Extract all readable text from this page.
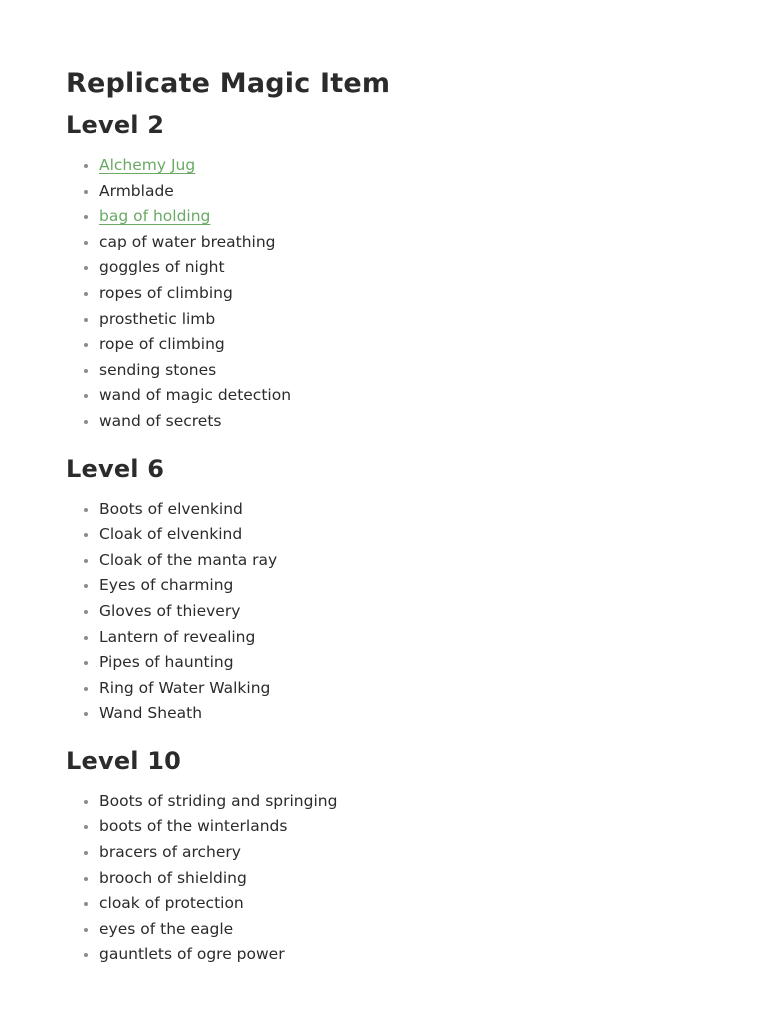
Replicate Magic Item
Level 2
Alchemy Jug
Armblade
bag of holding
cap of water breathing
goggles of night
ropes of climbing
prosthetic limb
rope of climbing
sending stones
wand of magic detection
wand of secrets
Level 6
Boots of elvenkind
Cloak of elvenkind
Cloak of the manta ray
Eyes of charming
Gloves of thievery
Lantern of revealing
Pipes of haunting
Ring of Water Walking
Wand Sheath
Level 10
Boots of striding and springing
boots of the winterlands
bracers of archery
brooch of shielding
cloak of protection
eyes of the eagle
gauntlets of ogre power
